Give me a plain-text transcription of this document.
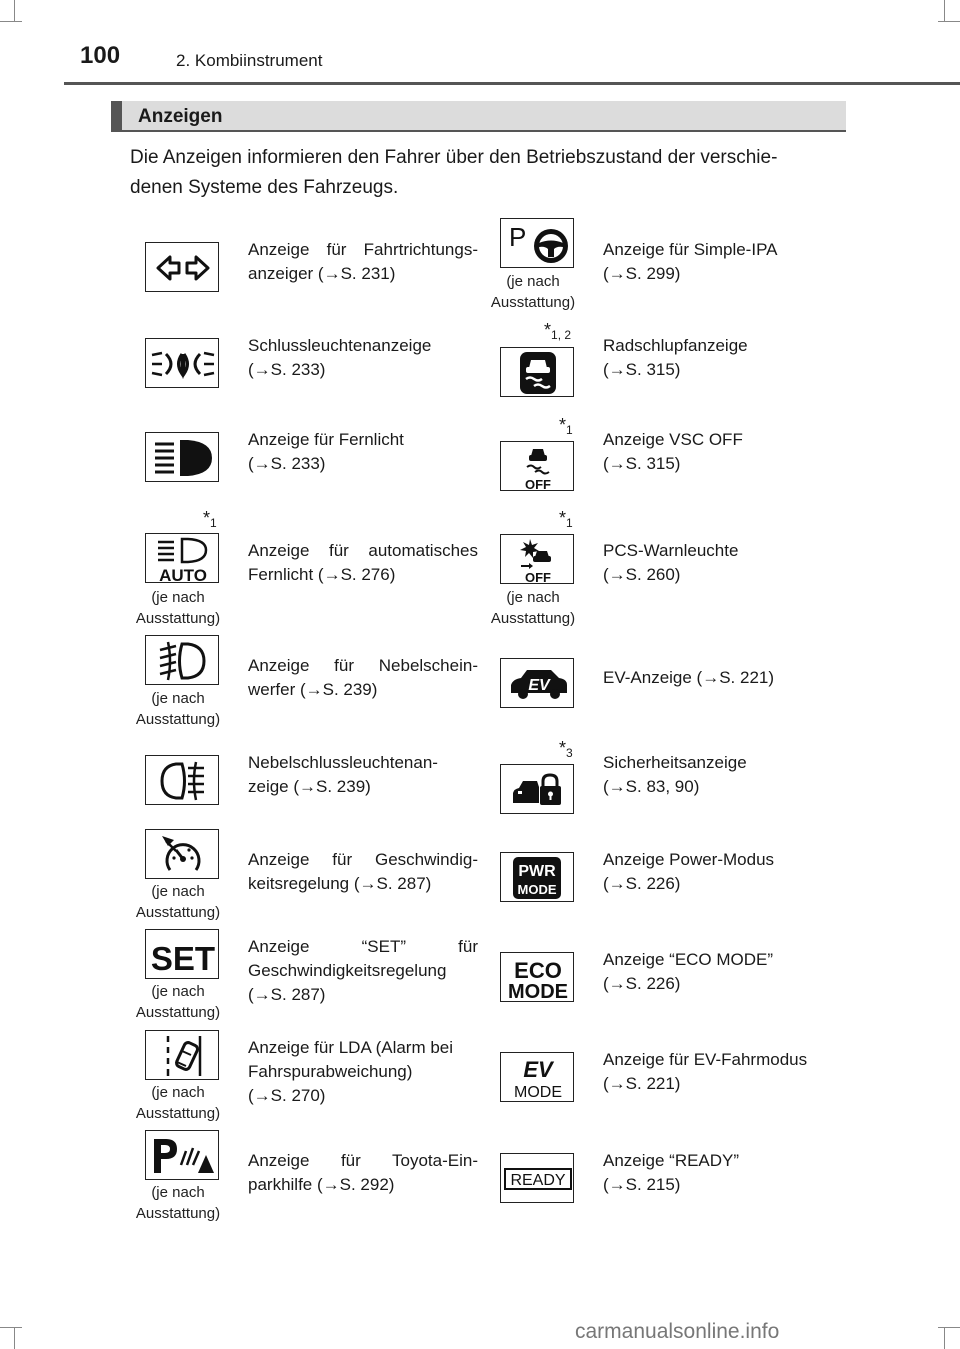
100	2. Kombiinstrument
Anzeigen
Die Anzeigen informieren den Fahrer über den Betriebszustand der verschie-
denen Systeme des Fahrzeugs.
Anzeige für Fahrtrichtungs-
anzeiger (→S. 231)
Schlussleuchtenanzeige
(→S. 233)
Anzeige für Fernlicht
(→S. 233)
$*_1$
AUTO
(je nach
Ausstattung)
Anzeige für automatisches
Fernlicht (→S. 276)
(je nach
Ausstattung)
Anzeige für Nebelschein-
werfer (→S. 239)
Nebelschlussleuchtenan-
zeige (→S. 239)
(je nach
Ausstattung)
Anzeige für Geschwindig-
keitsregelung (→S. 287)
SET
(je nach
Ausstattung)
Anzeige “SET” für
Geschwindigkeitsregelung
(→S. 287)
(je nach
Ausstattung)
Anzeige für LDA (Alarm bei
Fahrspurabweichung)
(→S. 270)
(je nach
Ausstattung)
Anzeige für Toyota-Ein-
parkhilfe (→S. 292)
P
(je nach
Ausstattung)
Anzeige für Simple-IPA
(→S. 299)
$*_{1, 2}$
Radschlupfanzeige
(→S. 315)
$*_1$
OFF
Anzeige VSC OFF
(→S. 315)
$*_1$
OFF
(je nach
Ausstattung)
PCS-Warnleuchte
(→S. 260)
EV	EV-Anzeige (→S. 221)
$*_3$ Sicherheitsanzeige
(→S. 83, 90)
PWR
MODE
Anzeige Power-Modus
(→S. 226)
ECO
MODE
Anzeige “ECO MODE”
(→S. 226)
EV
MODE
Anzeige für EV-Fahrmodus
(→S. 221)
READY
Anzeige “READY”
(→S. 215)
carmanualsonline.info
